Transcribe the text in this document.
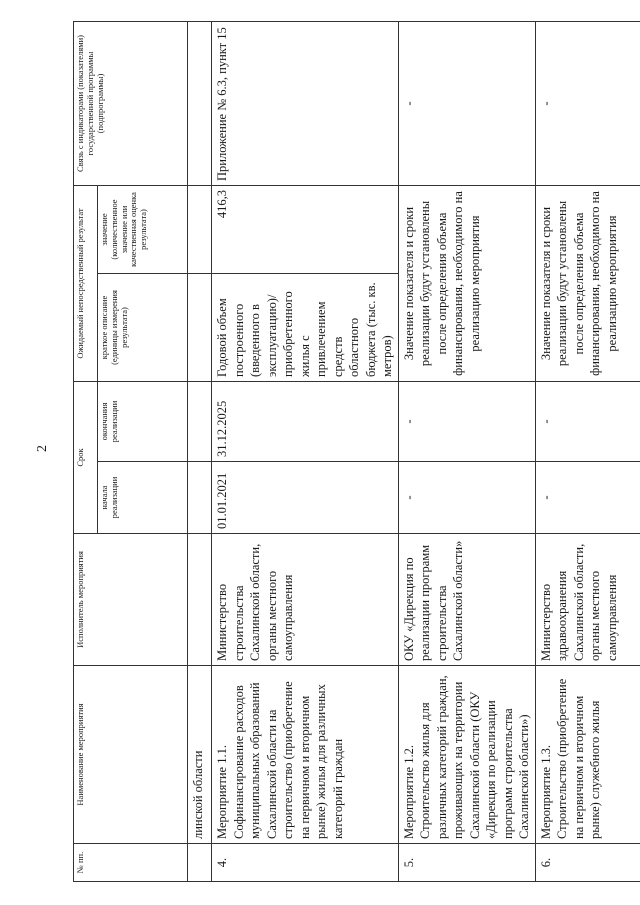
2
№ пп.	Наименование мероприятия	Исполнитель мероприятия	Срок		Ожидаемый непосредственный результат		Связь с индикаторами (показателями) государственной программы (подпрограммы)
			начала реализации	окончания реализации	краткое описание (единицы измерения результата)	значение (количественное значение или качественная оценка результата)	
	линской области						
4.	Мероприятие 1.1. Софинансирование расходов муниципальных образований Сахалинской области на строительство (приобретение на первичном и вторичном рынке) жилья для различных категорий граждан	Министерство строительства Сахалинской области, органы местного самоуправления	01.01.2021	31.12.2025	Годовой объем построенного (введенного в эксплуатацию)/ приобретенного жилья с привлечением средств областного бюджета (тыс. кв. метров)	416,3	Приложение № 6.3, пункт 15
5.	Мероприятие 1.2. Строительство жилья для различных категорий граждан, проживающих на территории Сахалинской области (ОКУ «Дирекция по реализации программ строительства Сахалинской области»)	ОКУ «Дирекция по реализации программ строительства Сахалинской области»	-	-	Значение показателя и сроки реализации будут установлены после определения объема финансирования, необходимого на реализацию мероприятия		-
6.	Мероприятие 1.3. Строительство (приобретение на первичном и вторичном рынке) служебного жилья	Министерство здравоохранения Сахалинской области, органы местного самоуправления	-	-	Значение показателя и сроки реализации будут установлены после определения объема финансирования, необходимого на реализацию мероприятия		-
